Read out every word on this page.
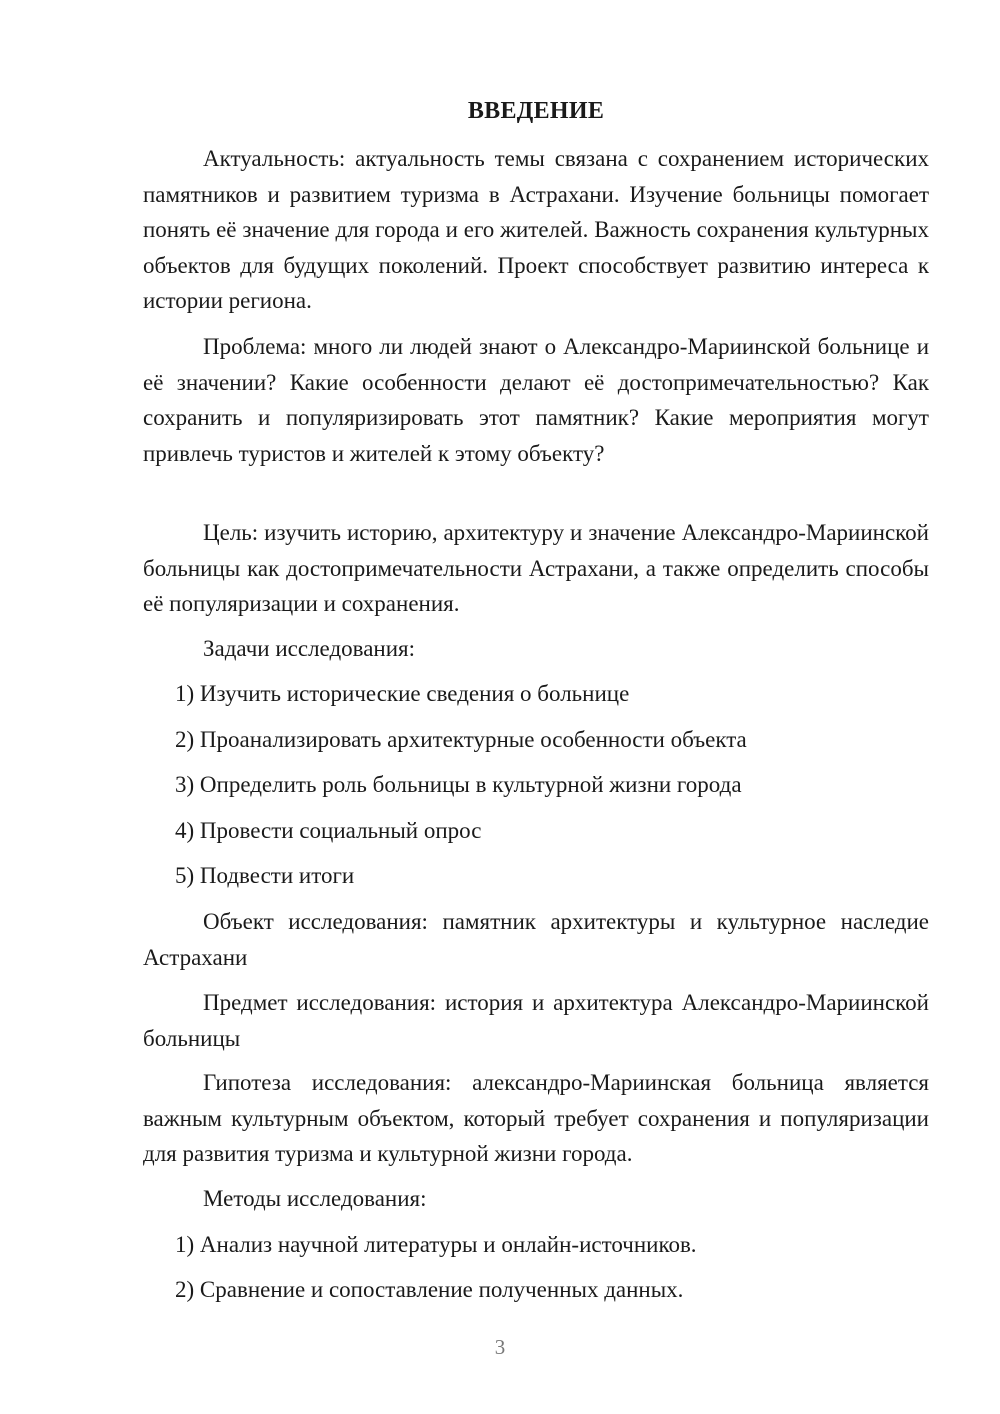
ВВЕДЕНИЕ

Актуальность: актуальность темы связана с сохранением исторических памятников и развитием туризма в Астрахани. Изучение больницы помогает понять её значение для города и его жителей. Важность сохранения культурных объектов для будущих поколений. Проект способствует развитию интереса к истории региона.

Проблема: много ли людей знают о Александро-Мариинской больнице и её значении? Какие особенности делают её достопримечательностью? Как сохранить и популяризировать этот памятник? Какие мероприятия могут привлечь туристов и жителей к этому объекту?

Цель: изучить историю, архитектуру и значение Александро-Мариинской больницы как достопримечательности Астрахани, а также определить способы её популяризации и сохранения.

Задачи исследования:

1) Изучить исторические сведения о больнице

2) Проанализировать архитектурные особенности объекта

3) Определить роль больницы в культурной жизни города

4) Провести социальный опрос

5) Подвести итоги

Объект исследования: памятник архитектуры и культурное наследие Астрахани

Предмет исследования: история и архитектура Александро-Мариинской больницы

Гипотеза исследования: александро-Мариинская больница является важным культурным объектом, который требует сохранения и популяризации для развития туризма и культурной жизни города.

Методы исследования:

1) Анализ научной литературы и онлайн-источников.

2) Сравнение и сопоставление полученных данных.

3
